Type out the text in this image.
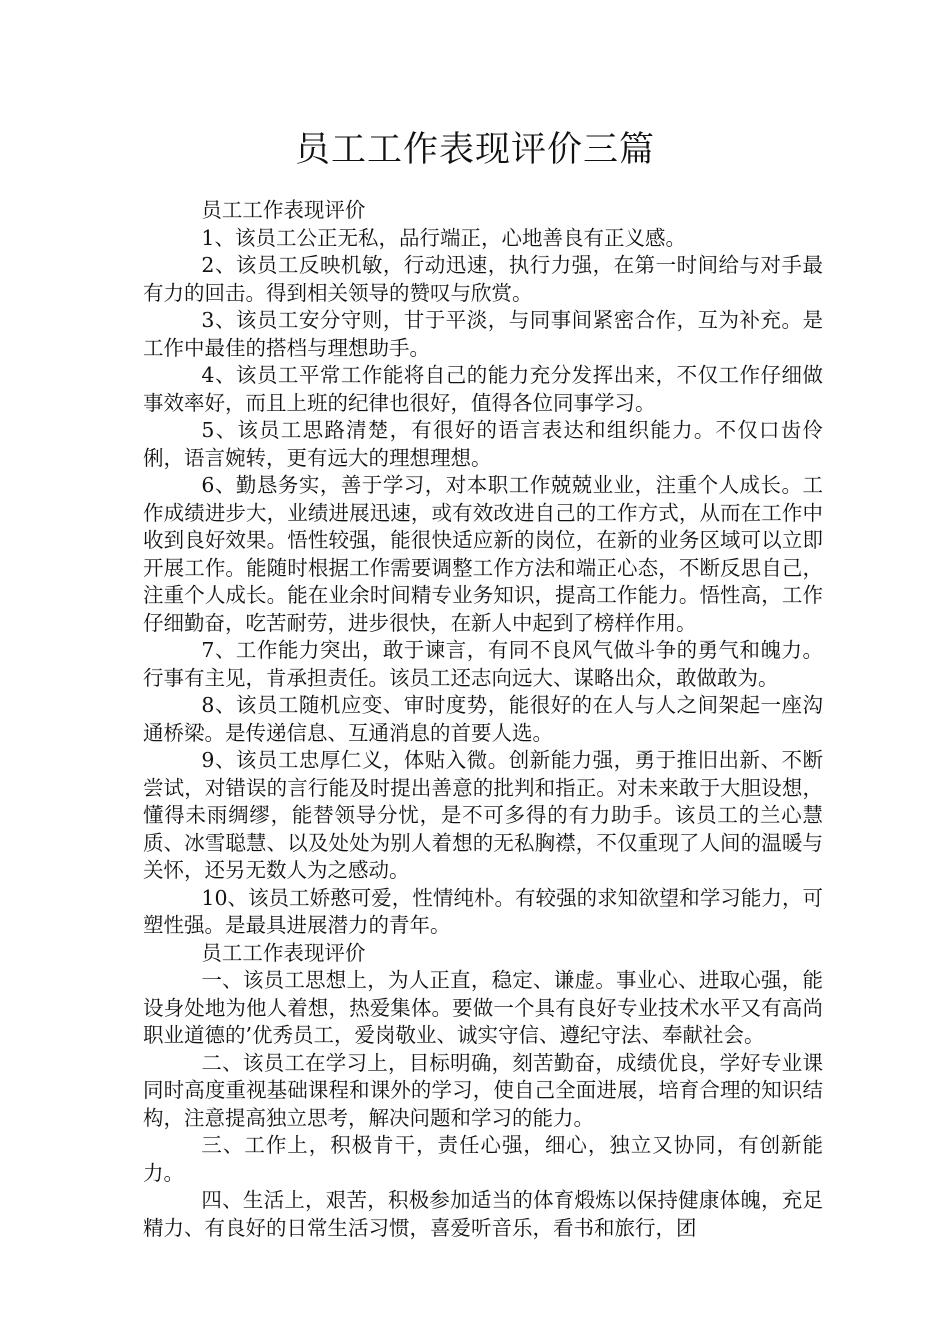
员工工作表现评价三篇

员工工作表现评价

1、该员工公正无私，品行端正，心地善良有正义感。

2、该员工反映机敏，行动迅速，执行力强，在第一时间给与对手最有力的回击。得到相关领导的赞叹与欣赏。

3、该员工安分守则，甘于平淡，与同事间紧密合作，互为补充。是工作中最佳的搭档与理想助手。

4、该员工平常工作能将自己的能力充分发挥出来，不仅工作仔细做事效率好，而且上班的纪律也很好，值得各位同事学习。

5、该员工思路清楚，有很好的语言表达和组织能力。不仅口齿伶俐，语言婉转，更有远大的理想理想。

6、勤恳务实，善于学习，对本职工作兢兢业业，注重个人成长。工作成绩进步大，业绩进展迅速，或有效改进自己的工作方式，从而在工作中收到良好效果。悟性较强，能很快适应新的岗位，在新的业务区域可以立即开展工作。能随时根据工作需要调整工作方法和端正心态，不断反思自己，注重个人成长。能在业余时间精专业务知识，提高工作能力。悟性高，工作仔细勤奋，吃苦耐劳，进步很快，在新人中起到了榜样作用。

7、工作能力突出，敢于谏言，有同不良风气做斗争的勇气和魄力。行事有主见，肯承担责任。该员工还志向远大、谋略出众，敢做敢为。

8、该员工随机应变、审时度势，能很好的在人与人之间架起一座沟通桥梁。是传递信息、互通消息的首要人选。

9、该员工忠厚仁义，体贴入微。创新能力强，勇于推旧出新、不断尝试，对错误的言行能及时提出善意的批判和指正。对未来敢于大胆设想，懂得未雨绸缪，能替领导分忧，是不可多得的有力助手。该员工的兰心慧质、冰雪聪慧、以及处处为别人着想的无私胸襟，不仅重现了人间的温暖与关怀，还另无数人为之感动。

10、该员工娇憨可爱，性情纯朴。有较强的求知欲望和学习能力，可塑性强。是最具进展潜力的青年。

员工工作表现评价

一、该员工思想上，为人正直，稳定、谦虚。事业心、进取心强，能设身处地为他人着想，热爱集体。要做一个具有良好专业技术水平又有高尚职业道德的’优秀员工，爱岗敬业、诚实守信、遵纪守法、奉献社会。

二、该员工在学习上，目标明确，刻苦勤奋，成绩优良，学好专业课同时高度重视基础课程和课外的学习，使自己全面进展，培育合理的知识结构，注意提高独立思考，解决问题和学习的能力。

三、工作上，积极肯干，责任心强，细心，独立又协同，有创新能力。

四、生活上，艰苦，积极参加适当的体育煅炼以保持健康体魄，充足精力、有良好的日常生活习惯，喜爱听音乐，看书和旅行，团
